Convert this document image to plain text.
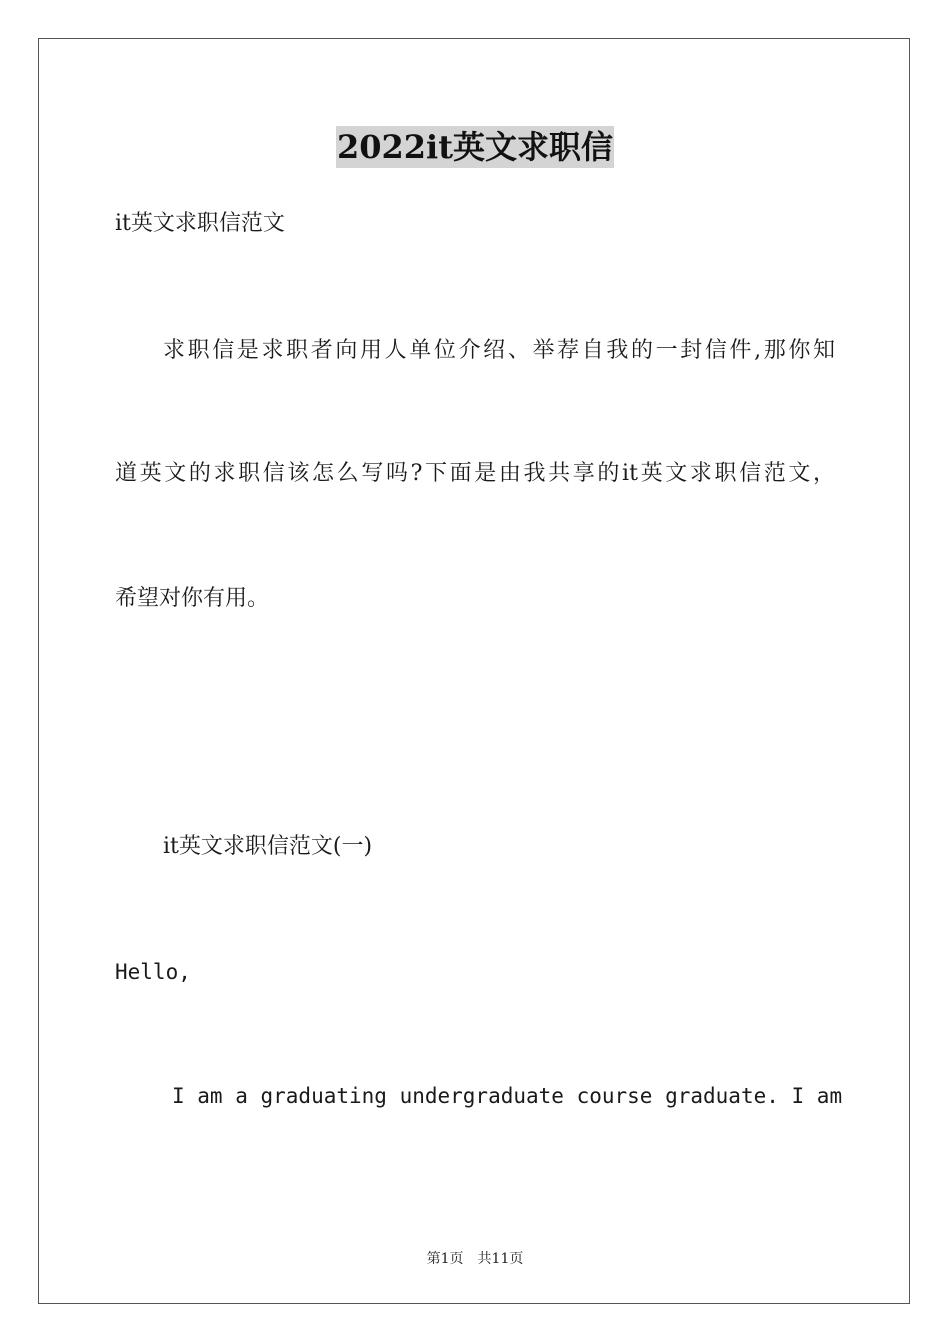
2022it英文求职信
it英文求职信范文
求职信是求职者向用人单位介绍、举荐自我的一封信件,那你知
道英文的求职信该怎么写吗?下面是由我共享的it英文求职信范文，
希望对你有用。
it英文求职信范文(一)
Hello,
I am a graduating undergraduate course graduate. I am
第1页 共11页
